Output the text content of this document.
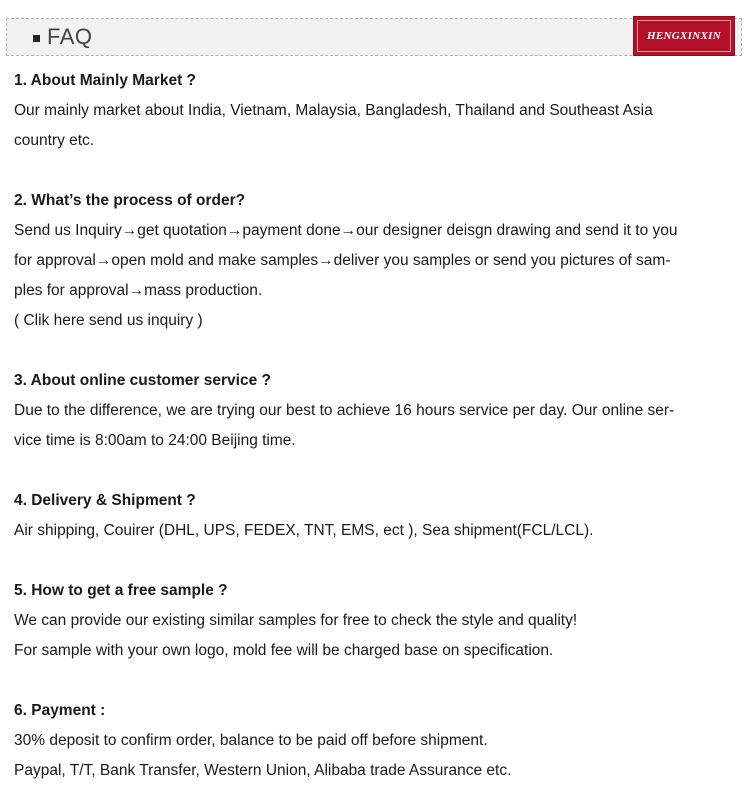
FAQ	HENGXINXIN
1. About Mainly Market ?
Our mainly market about India, Vietnam, Malaysia, Bangladesh, Thailand and Southeast Asia
country etc.
2. What’s the process of order?
Send us Inquiry→get quotation→payment done→our designer deisgn drawing and send it to you
for approval→open mold and make samples→deliver you samples or send you pictures of sam-
ples for approval→mass production.
( Clik here send us inquiry )
3. About online customer service ?
Due to the difference, we are trying our best to achieve 16 hours service per day. Our online ser-
vice time is 8:00am to 24:00 Beijing time.
4. Delivery & Shipment ?
Air shipping, Couirer (DHL, UPS, FEDEX, TNT, EMS, ect ), Sea shipment(FCL/LCL).
5. How to get a free sample ?
We can provide our existing similar samples for free to check the style and quality!
For sample with your own logo, mold fee will be charged base on specification.
6. Payment :
30% deposit to confirm order, balance to be paid off before shipment.
Paypal, T/T, Bank Transfer, Western Union, Alibaba trade Assurance etc.
